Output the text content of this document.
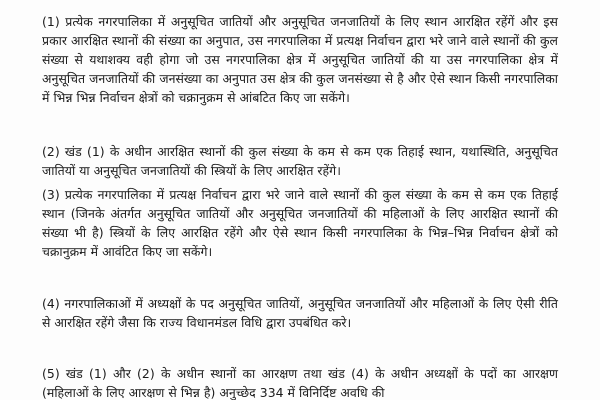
(1) प्रत्येक नगरपालिका में अनुसूचित जातियों और अनुसूचित जनजातियों के लिए स्थान आरक्षित रहेंगें और इस प्रकार आरक्षित स्थानों की संख्या का अनुपात, उस नगरपालिका में प्रत्यक्ष निर्वाचन द्वारा भरे जाने वाले स्थानों की कुल संख्या से यथाशक्य वही होगा जो उस नगरपालिका क्षेत्र में अनुसूचित जातियों की या उस नगरपालिका क्षेत्र में अनुसूचित जनजातियों की जनसंख्या का अनुपात उस क्षेत्र की कुल जनसंख्या से है और ऐसे स्थान किसी नगरपालिका में भिन्न भिन्न निर्वाचन क्षेत्रों को चक्रानुक्रम से आंबटित किए जा सकेंगे।

(2) खंड (1) के अधीन आरक्षित स्थानों की कुल संख्या के कम से कम एक तिहाई स्थान, यथास्थिति, अनुसूचित जातियों या अनुसूचित जनजातियों की स्त्रियों के लिए आरक्षित रहेंगे।

(3) प्रत्येक नगरपालिका में प्रत्यक्ष निर्वाचन द्वारा भरे जाने वाले स्थानों की कुल संख्या के कम से कम एक तिहाई स्थान (जिनके अंतर्गत अनुसूचित जातियों और अनुसूचित जनजातियों की महिलाओं के लिए आरक्षित स्थानों की संख्या भी है) स्त्रियों के लिए आरक्षित रहेंगे और ऐसे स्थान किसी नगरपालिका के भिन्न–भिन्न निर्वाचन क्षेत्रों को चक्रानुक्रम में आवंटित किए जा सकेंगे।

(4) नगरपालिकाओं में अध्यक्षों के पद अनुसूचित जातियों, अनुसूचित जनजातियों और महिलाओं के लिए ऐसी रीति से आरक्षित रहेंगे जैसा कि राज्य विधानमंडल विधि द्वारा उपबंधित करे।

(5) खंड (1) और (2) के अधीन स्थानों का आरक्षण तथा खंड (4) के अधीन अध्यक्षों के पदों का आरक्षण (महिलाओं के लिए आरक्षण से भिन्न है) अनुच्छेद 334 में विनिर्दिष्ट अवधि की
